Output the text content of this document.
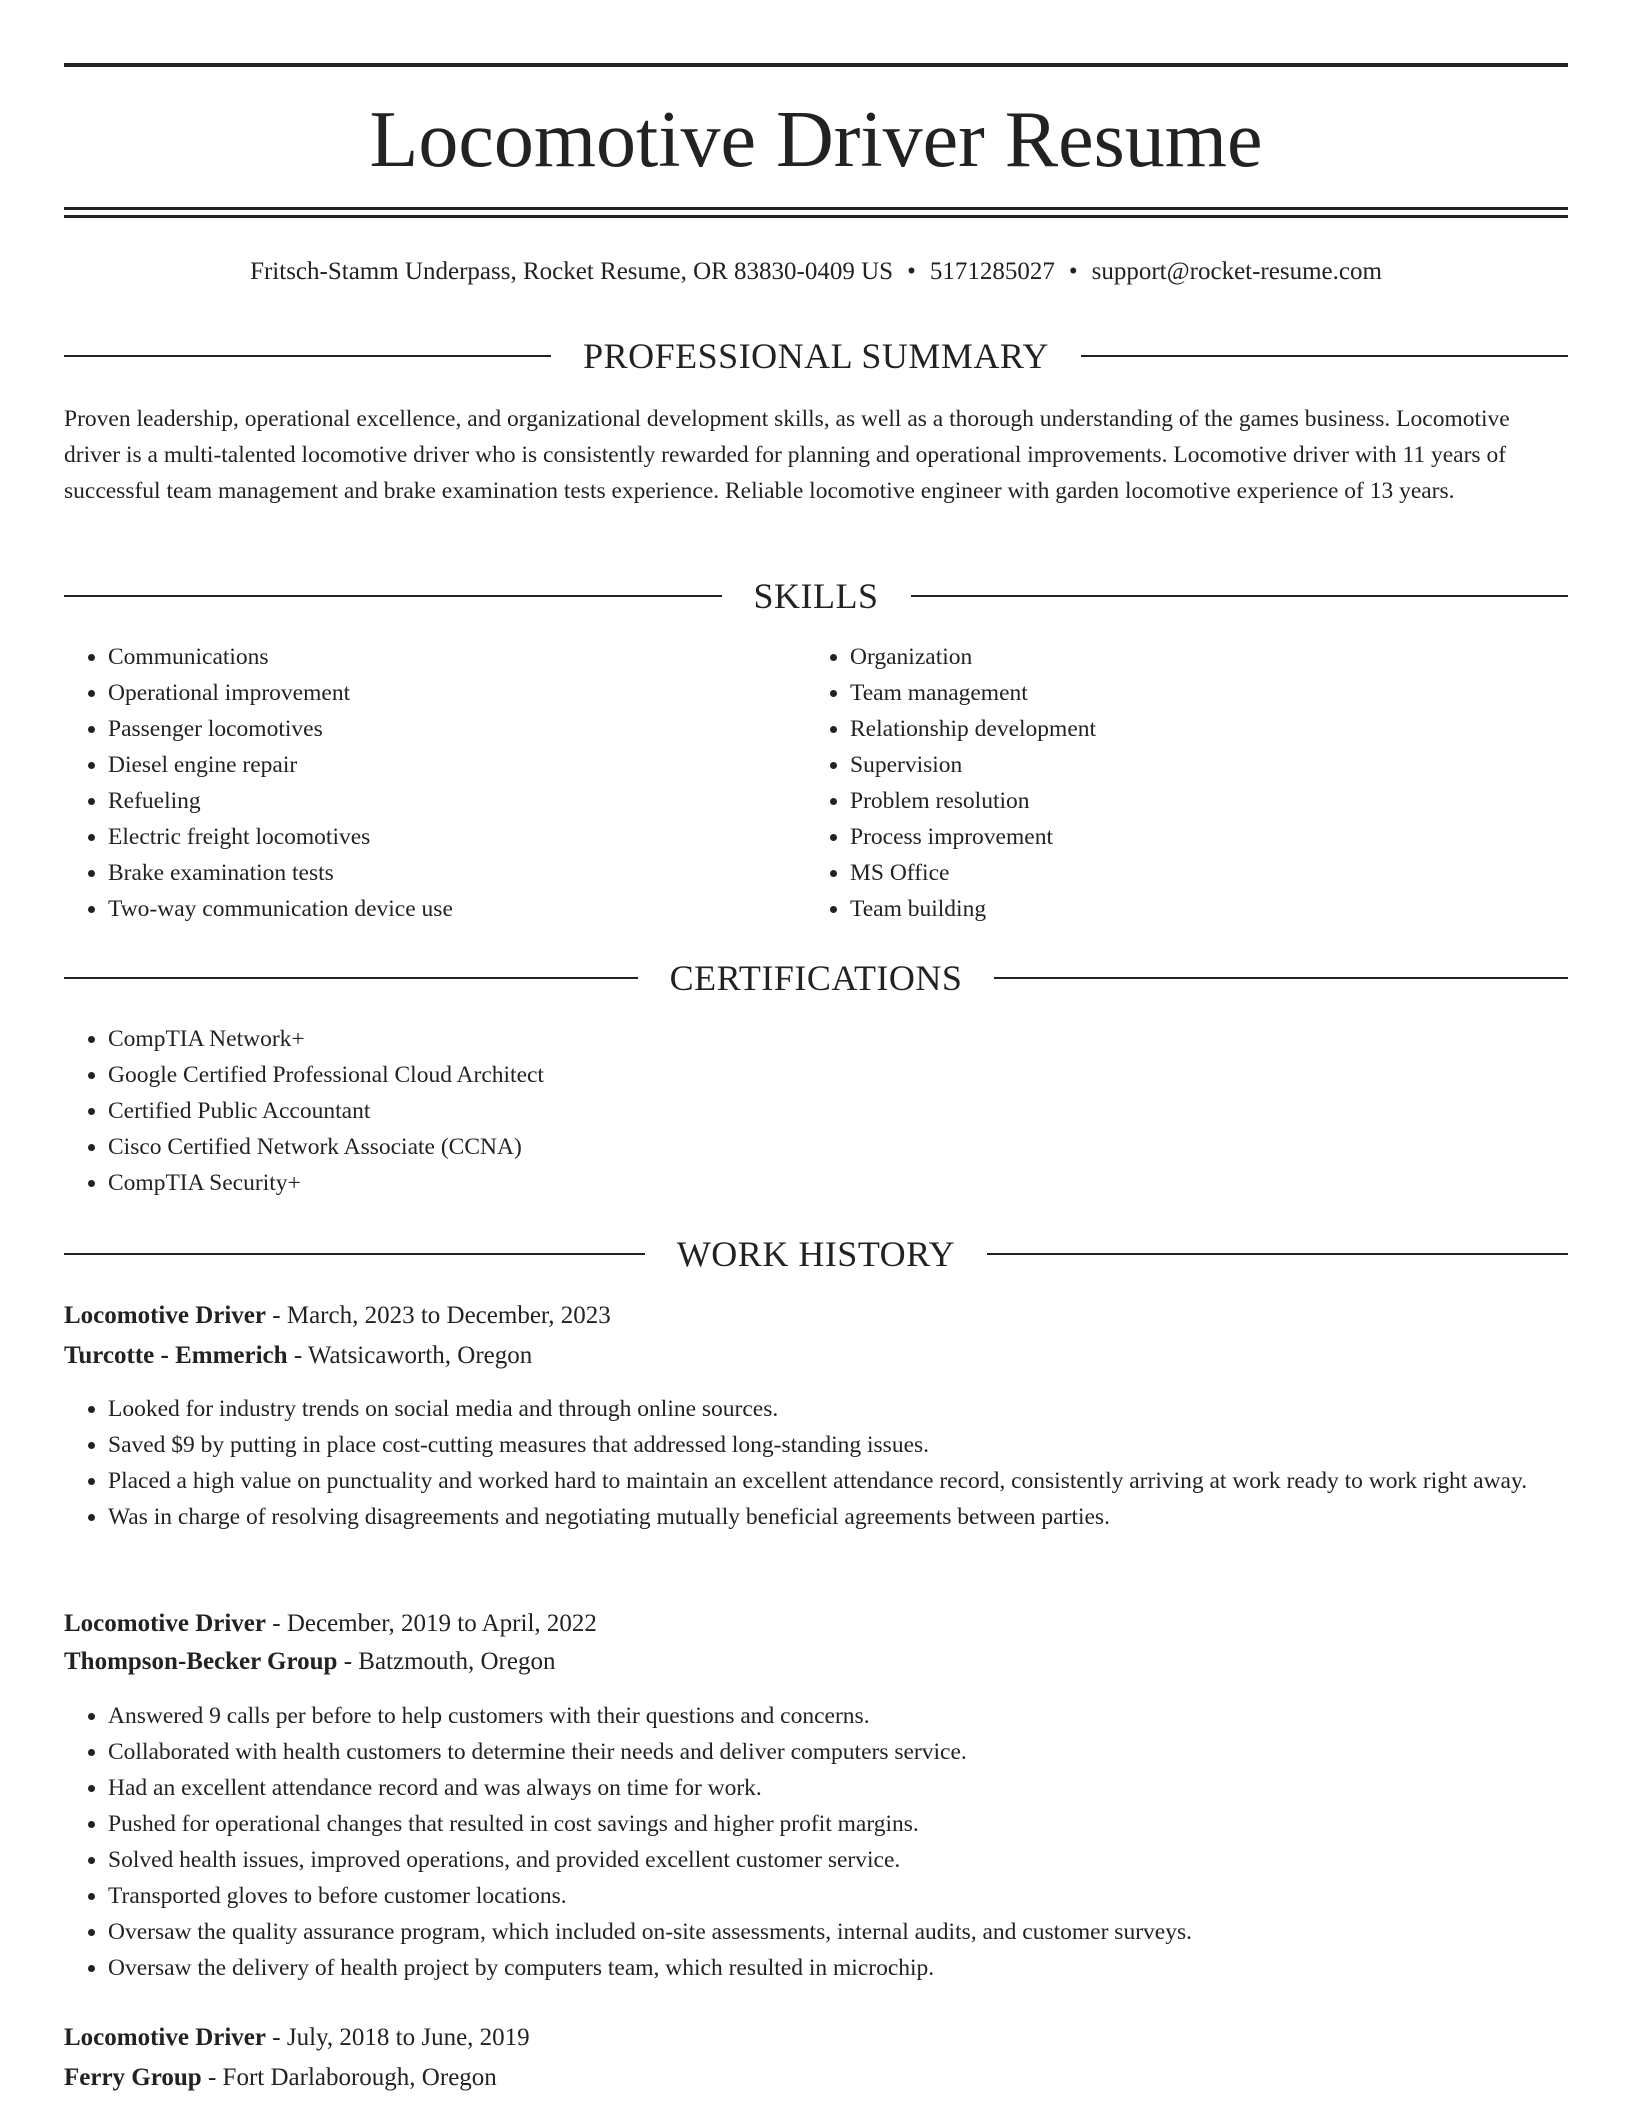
Locomotive Driver Resume
Fritsch-Stamm Underpass, Rocket Resume, OR 83830-0409 US • 5171285027 • support@rocket-resume.com
PROFESSIONAL SUMMARY

Proven leadership, operational excellence, and organizational development skills, as well as a thorough understanding of the games business. Locomotive driver is a multi-talented locomotive driver who is consistently rewarded for planning and operational improvements. Locomotive driver with 11 years of successful team management and brake examination tests experience. Reliable locomotive engineer with garden locomotive experience of 13 years.

SKILLS
• Communications
• Operational improvement
• Passenger locomotives
• Diesel engine repair
• Refueling
• Electric freight locomotives
• Brake examination tests
• Two-way communication device use
• Organization
• Team management
• Relationship development
• Supervision
• Problem resolution
• Process improvement
• MS Office
• Team building
CERTIFICATIONS
• CompTIA Network+
• Google Certified Professional Cloud Architect
• Certified Public Accountant
• Cisco Certified Network Associate (CCNA)
• CompTIA Security+
WORK HISTORY
Locomotive Driver - March, 2023 to December, 2023
Turcotte - Emmerich - Watsicaworth, Oregon
• Looked for industry trends on social media and through online sources.
• Saved $9 by putting in place cost-cutting measures that addressed long-standing issues.
• Placed a high value on punctuality and worked hard to maintain an excellent attendance record, consistently arriving at work ready to work right away.
• Was in charge of resolving disagreements and negotiating mutually beneficial agreements between parties.
Locomotive Driver - December, 2019 to April, 2022
Thompson-Becker Group - Batzmouth, Oregon
• Answered 9 calls per before to help customers with their questions and concerns.
• Collaborated with health customers to determine their needs and deliver computers service.
• Had an excellent attendance record and was always on time for work.
• Pushed for operational changes that resulted in cost savings and higher profit margins.
• Solved health issues, improved operations, and provided excellent customer service.
• Transported gloves to before customer locations.
• Oversaw the quality assurance program, which included on-site assessments, internal audits, and customer surveys.
• Oversaw the delivery of health project by computers team, which resulted in microchip.
Locomotive Driver - July, 2018 to June, 2019
Ferry Group - Fort Darlaborough, Oregon
